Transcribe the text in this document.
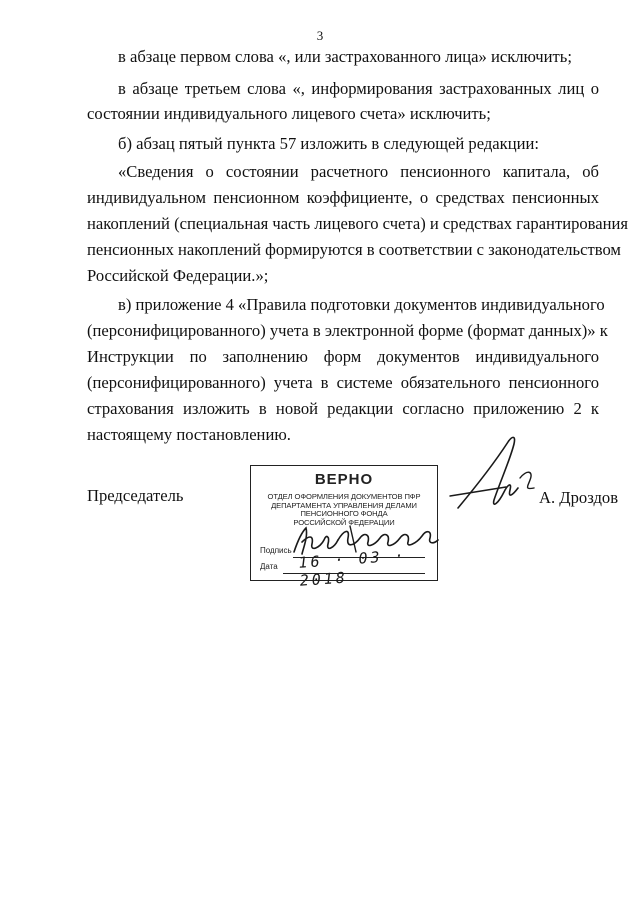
3
в абзаце первом слова «, или застрахованного лица» исключить;
в абзаце третьем слова «, информирования застрахованных лиц о
состоянии индивидуального лицевого счета» исключить;
б) абзац пятый пункта 57 изложить в следующей редакции:
«Сведения о состоянии расчетного пенсионного капитала, об
индивидуальном пенсионном коэффициенте, о средствах пенсионных
накоплений (специальная часть лицевого счета) и средствах гарантирования
пенсионных накоплений формируются в соответствии с законодательством
Российской Федерации.»;
в) приложение 4 «Правила подготовки документов индивидуального
(персонифицированного) учета в электронной форме (формат данных)» к
Инструкции по заполнению форм документов индивидуального
(персонифицированного) учета в системе обязательного пенсионного
страхования изложить в новой редакции согласно приложению 2 к
настоящему постановлению.
Председатель	А. Дроздов
ВЕРНО
ОТДЕЛ ОФОРМЛЕНИЯ ДОКУМЕНТОВ ПФР
ДЕПАРТАМЕНТА УПРАВЛЕНИЯ ДЕЛАМИ
ПЕНСИОННОГО ФОНДА
РОССИЙСКОЙ ФЕДЕРАЦИИ
Подпись
Дата 16 · 03 · 2018
